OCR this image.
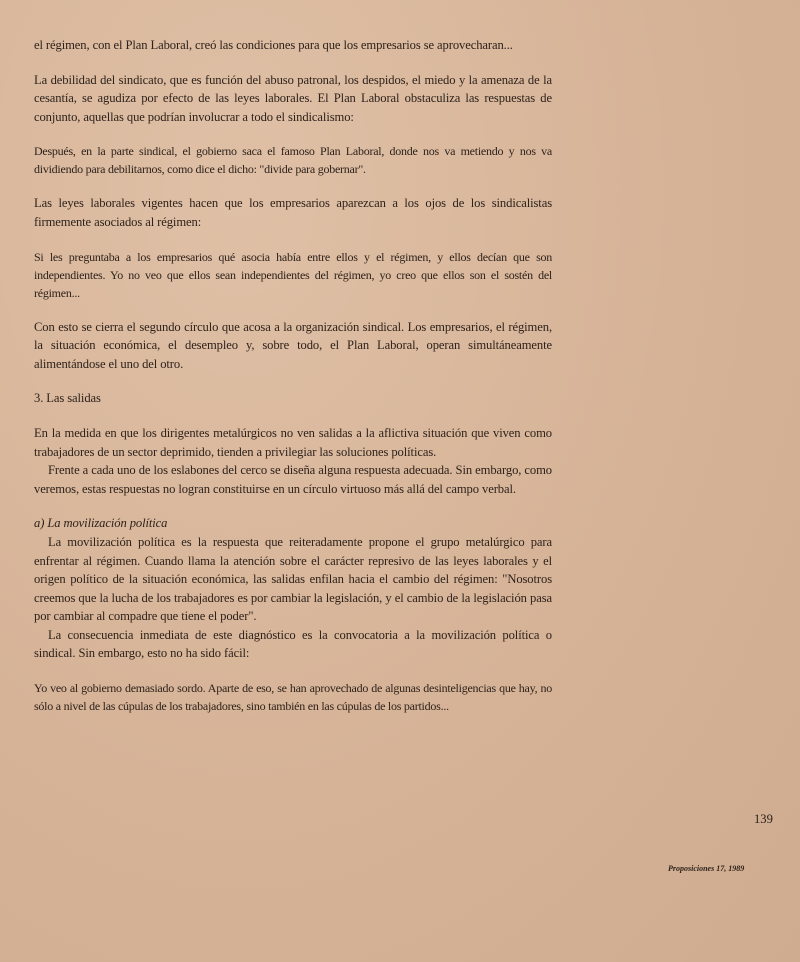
el régimen, con el Plan Laboral, creó las condiciones para que los empresarios se aprovecharan...

La debilidad del sindicato, que es función del abuso patronal, los despidos, el miedo y la amenaza de la cesantía, se agudiza por efecto de las leyes laborales. El Plan Laboral obstaculiza las respuestas de conjunto, aquellas que podrían involucrar a todo el sindicalismo:

Después, en la parte sindical, el gobierno saca el famoso Plan Laboral, donde nos va metiendo y nos va dividiendo para debilitarnos, como dice el dicho: "divide para gobernar".

Las leyes laborales vigentes hacen que los empresarios aparezcan a los ojos de los sindicalistas firmemente asociados al régimen:

Si les preguntaba a los empresarios qué asocia había entre ellos y el régimen, y ellos decían que son independientes. Yo no veo que ellos sean independientes del régimen, yo creo que ellos son el sostén del régimen...

Con esto se cierra el segundo círculo que acosa a la organización sindical. Los empresarios, el régimen, la situación económica, el desempleo y, sobre todo, el Plan Laboral, operan simultáneamente alimentándose el uno del otro.

3. Las salidas

En la medida en que los dirigentes metalúrgicos no ven salidas a la aflictiva situación que viven como trabajadores de un sector deprimido, tienden a privilegiar las soluciones políticas.

Frente a cada uno de los eslabones del cerco se diseña alguna respuesta adecuada. Sin embargo, como veremos, estas respuestas no logran constituirse en un círculo virtuoso más allá del campo verbal.

a) La movilización política

La movilización política es la respuesta que reiteradamente propone el grupo metalúrgico para enfrentar al régimen. Cuando llama la atención sobre el carácter represivo de las leyes laborales y el origen político de la situación económica, las salidas enfilan hacia el cambio del régimen: "Nosotros creemos que la lucha de los trabajadores es por cambiar la legislación, y el cambio de la legislación pasa por cambiar al compadre que tiene el poder".

La consecuencia inmediata de este diagnóstico es la convocatoria a la movilización política o sindical. Sin embargo, esto no ha sido fácil:

Yo veo al gobierno demasiado sordo. Aparte de eso, se han aprovechado de algunas desinteligencias que hay, no sólo a nivel de las cúpulas de los trabajadores, sino también en las cúpulas de los partidos...

139
Proposiciones 17, 1989
